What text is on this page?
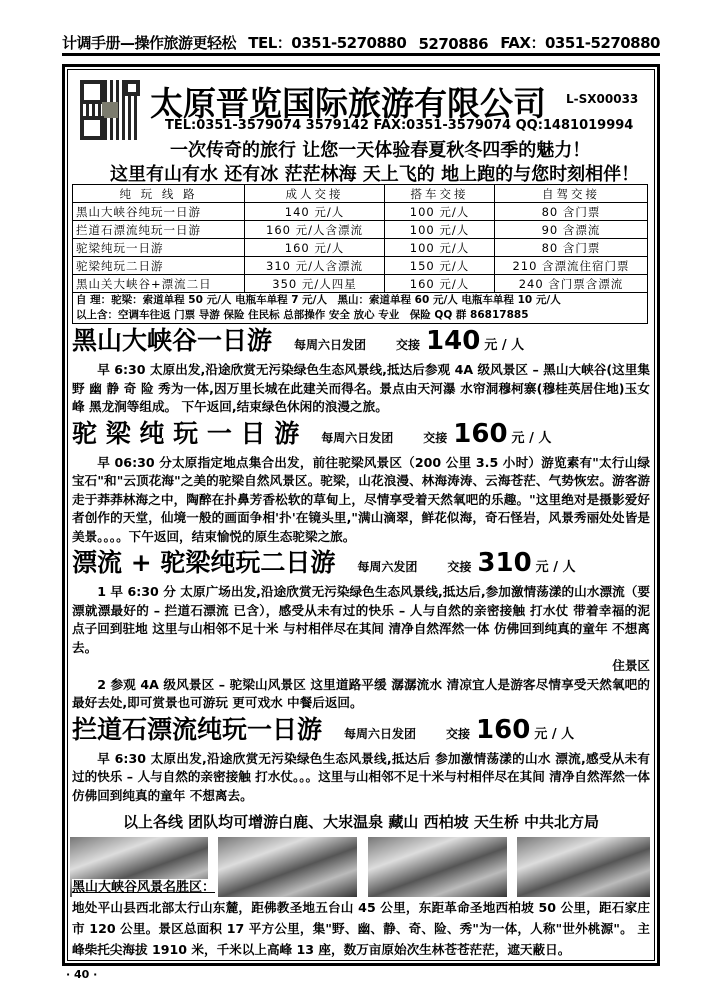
计调手册—操作旅游更轻松 TEL：0351-5270880 5270886 FAX：0351-5270880
太原晋览国际旅游有限公司 L-SX00033
TEL:0351-3579074 3579142 FAX:0351-3579074 QQ:1481019994
一次传奇的旅行 让您一天体验春夏秋冬四季的魅力！
这里有山有水 还有冰 茫茫林海 天上飞的 地上跑的与您时刻相伴！
纯 玩 线 路	成人交接	搭车交接	自驾交接
黑山大峡谷纯玩一日游	140 元/人	100 元/人	80 含门票
拦道石漂流纯玩一日游	160 元/人含漂流	100 元/人	90 含漂流
驼梁纯玩一日游	160 元/人	100 元/人	80 含门票
驼梁纯玩二日游	310 元/人含漂流	150 元/人	210 含漂流住宿门票
黑山关大峡谷+漂流二日	350 元/人四星	160 元/人	240 含门票含漂流

自 理：驼梁：索道单程 50 元/人 电瓶车单程 7 元/人　黑山：索道单程 60 元/人 电瓶车单程 10 元/人
以上含：空调车往返 门票 导游 保险 住民标 总部操作 安全 放心 专业　保险 QQ 群 86817885			
黑山大峡谷一日游 每周六日发团	交接 140 元 / 人
早 6:30 太原出发,沿途欣赏无污染绿色生态风景线,抵达后参观 4A 级风景区 – 黑山大峡谷(这里集 野 幽 静 奇 险 秀为一体,因万里长城在此建关而得名。景点由天河瀑 水帘洞穆柯寨(穆桂英居住地)玉女峰 黑龙涧等组成。 下午返回,结束绿色休闲的浪漫之旅。
驼 梁 纯 玩 一 日 游 每周六日发团	交接 160 元 / 人
早 06:30 分太原指定地点集合出发，前往驼梁风景区（200 公里 3.5 小时）游览素有"太行山绿宝石"和"云顶花海"之美的驼梁自然风景区。驼梁，山花浪漫、林海涛涛、云海苍茫、气势恢宏。游客游走于莽莽林海之中，陶醉在扑鼻芳香松软的草甸上，尽情享受着天然氧吧的乐趣。"这里绝对是摄影爱好者创作的天堂，仙境一般的画面争相'扑'在镜头里,"满山滴翠，鲜花似海，奇石怪岩，风景秀丽处处皆是美景。。。。下午返回，结束愉悦的原生态驼梁之旅。
漂流 + 驼梁纯玩二日游 每周六发团	交接 310 元 / 人
1 早 6:30 分 太原广场出发,沿途欣赏无污染绿色生态风景线,抵达后,参加激情荡漾的山水漂流（要漂就漂最好的 – 拦道石漂流 已含），感受从未有过的快乐 – 人与自然的亲密接触 打水仗 带着幸福的泥点子回到驻地 这里与山相邻不足十米 与村相伴尽在其间 清净自然浑然一体 仿佛回到纯真的童年 不想离去。
住景区
2 参观 4A 级风景区 – 驼梁山风景区 这里道路平缓 潺潺流水 清凉宜人是游客尽情享受天然氧吧的最好去处,即可赏景也可游玩 更可戏水 中餐后返回。
拦道石漂流纯玩一日游 每周六日发团	交接 160 元 / 人
早 6:30 太原出发,沿途欣赏无污染绿色生态风景线,抵达后 参加激情荡漾的山水 漂流,感受从未有过的快乐 – 人与自然的亲密接触 打水仗。。。这里与山相邻不足十米与村相伴尽在其间 清净自然浑然一体 仿佛回到纯真的童年 不想离去。
以上各线 团队均可增游白鹿、大汖温泉 藏山 西柏坡 天生桥 中共北方局
黑山大峡谷风景名胜区：
地处平山县西北部太行山东麓，距佛教圣地五台山 45 公里，东距革命圣地西柏坡 50 公里，距石家庄市 120 公里。景区总面积 17 平方公里，集"野、幽、静、奇、险、秀"为一体，人称"世外桃源"。 主峰柴托尖海拔 1910 米，千米以上高峰 13 座，数万亩原始次生林苍苍茫茫，遮天蔽日。
· 40 ·
